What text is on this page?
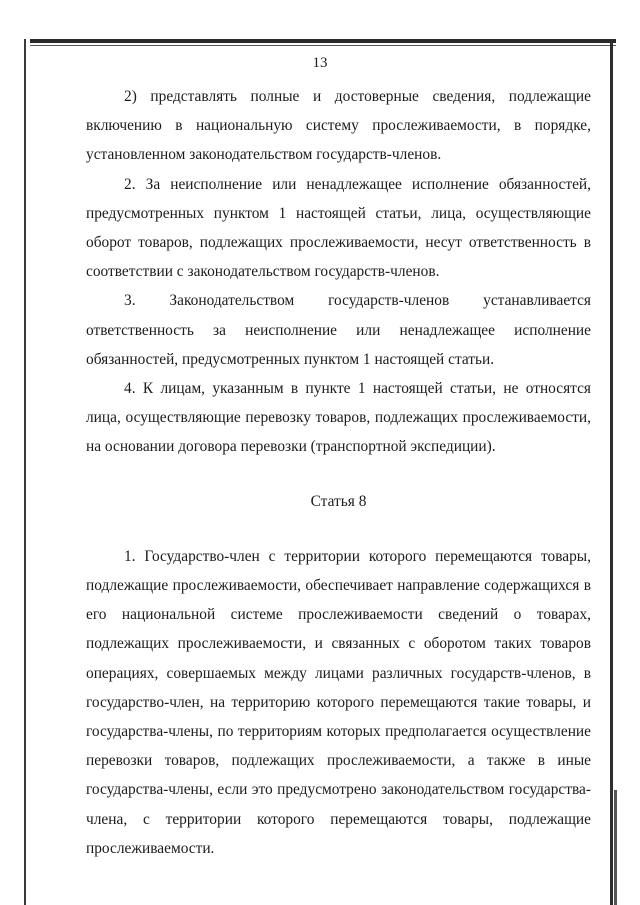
13

2) представлять полные и достоверные сведения, подлежащие включению в национальную систему прослеживаемости, в порядке, установленном законодательством государств-членов.

2. За неисполнение или ненадлежащее исполнение обязанностей, предусмотренных пунктом 1 настоящей статьи, лица, осуществляющие оборот товаров, подлежащих прослеживаемости, несут ответственность в соответствии с законодательством государств-членов.

3. Законодательством государств-членов устанавливается ответственность за неисполнение или ненадлежащее исполнение обязанностей, предусмотренных пунктом 1 настоящей статьи.

4. К лицам, указанным в пункте 1 настоящей статьи, не относятся лица, осуществляющие перевозку товаров, подлежащих прослеживаемости, на основании договора перевозки (транспортной экспедиции).

Статья 8

1. Государство-член с территории которого перемещаются товары, подлежащие прослеживаемости, обеспечивает направление содержащихся в его национальной системе прослеживаемости сведений о товарах, подлежащих прослеживаемости, и связанных с оборотом таких товаров операциях, совершаемых между лицами различных государств-членов, в государство-член, на территорию которого перемещаются такие товары, и государства-члены, по территориям которых предполагается осуществление перевозки товаров, подлежащих прослеживаемости, а также в иные государства-члены, если это предусмотрено законодательством государства-члена, с территории которого перемещаются товары, подлежащие прослеживаемости.
